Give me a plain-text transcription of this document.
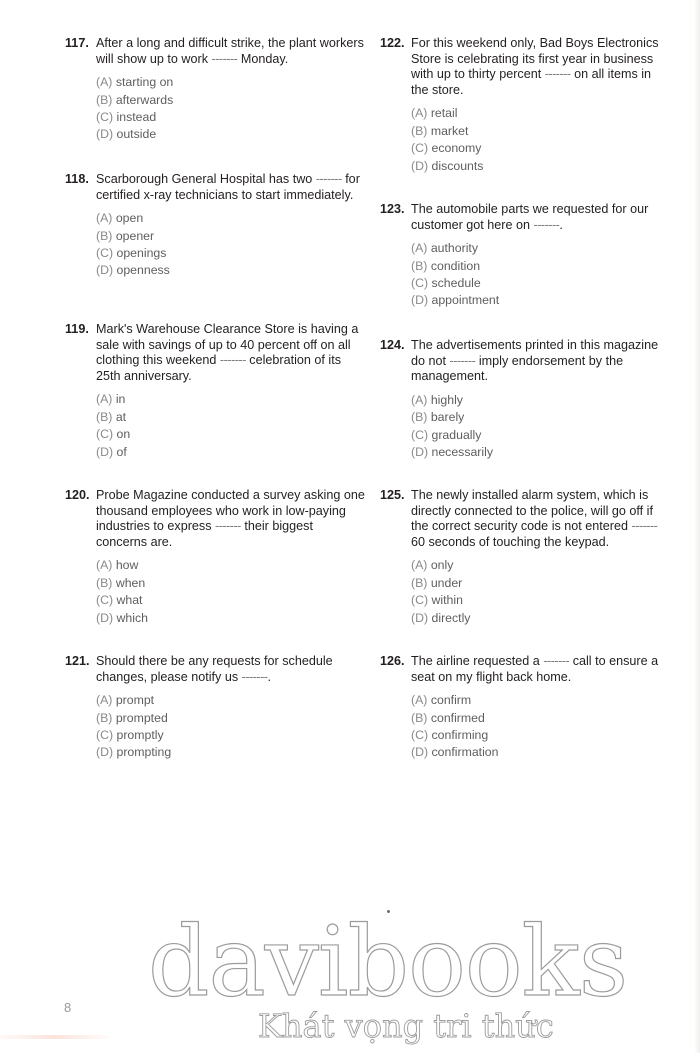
117. After a long and difficult strike, the plant workers will show up to work ------- Monday.
(A) starting on
(B) afterwards
(C) instead
(D) outside
118. Scarborough General Hospital has two ------- for certified x-ray technicians to start immediately.
(A) open
(B) opener
(C) openings
(D) openness
119. Mark's Warehouse Clearance Store is having a sale with savings of up to 40 percent off on all clothing this weekend ------- celebration of its 25th anniversary.
(A) in
(B) at
(C) on
(D) of
120. Probe Magazine conducted a survey asking one thousand employees who work in low-paying industries to express ------- their biggest concerns are.
(A) how
(B) when
(C) what
(D) which
121. Should there be any requests for schedule changes, please notify us -------.
(A) prompt
(B) prompted
(C) promptly
(D) prompting
122. For this weekend only, Bad Boys Electronics Store is celebrating its first year in business with up to thirty percent ------- on all items in the store.
(A) retail
(B) market
(C) economy
(D) discounts
123. The automobile parts we requested for our customer got here on -------.
(A) authority
(B) condition
(C) schedule
(D) appointment
124. The advertisements printed in this magazine do not ------- imply endorsement by the management.
(A) highly
(B) barely
(C) gradually
(D) necessarily
125. The newly installed alarm system, which is directly connected to the police, will go off if the correct security code is not entered ------- 60 seconds of touching the keypad.
(A) only
(B) under
(C) within
(D) directly
126. The airline requested a ------- call to ensure a seat on my flight back home.
(A) confirm
(B) confirmed
(C) confirming
(D) confirmation
davibooks
Khát vọng tri thức
8
